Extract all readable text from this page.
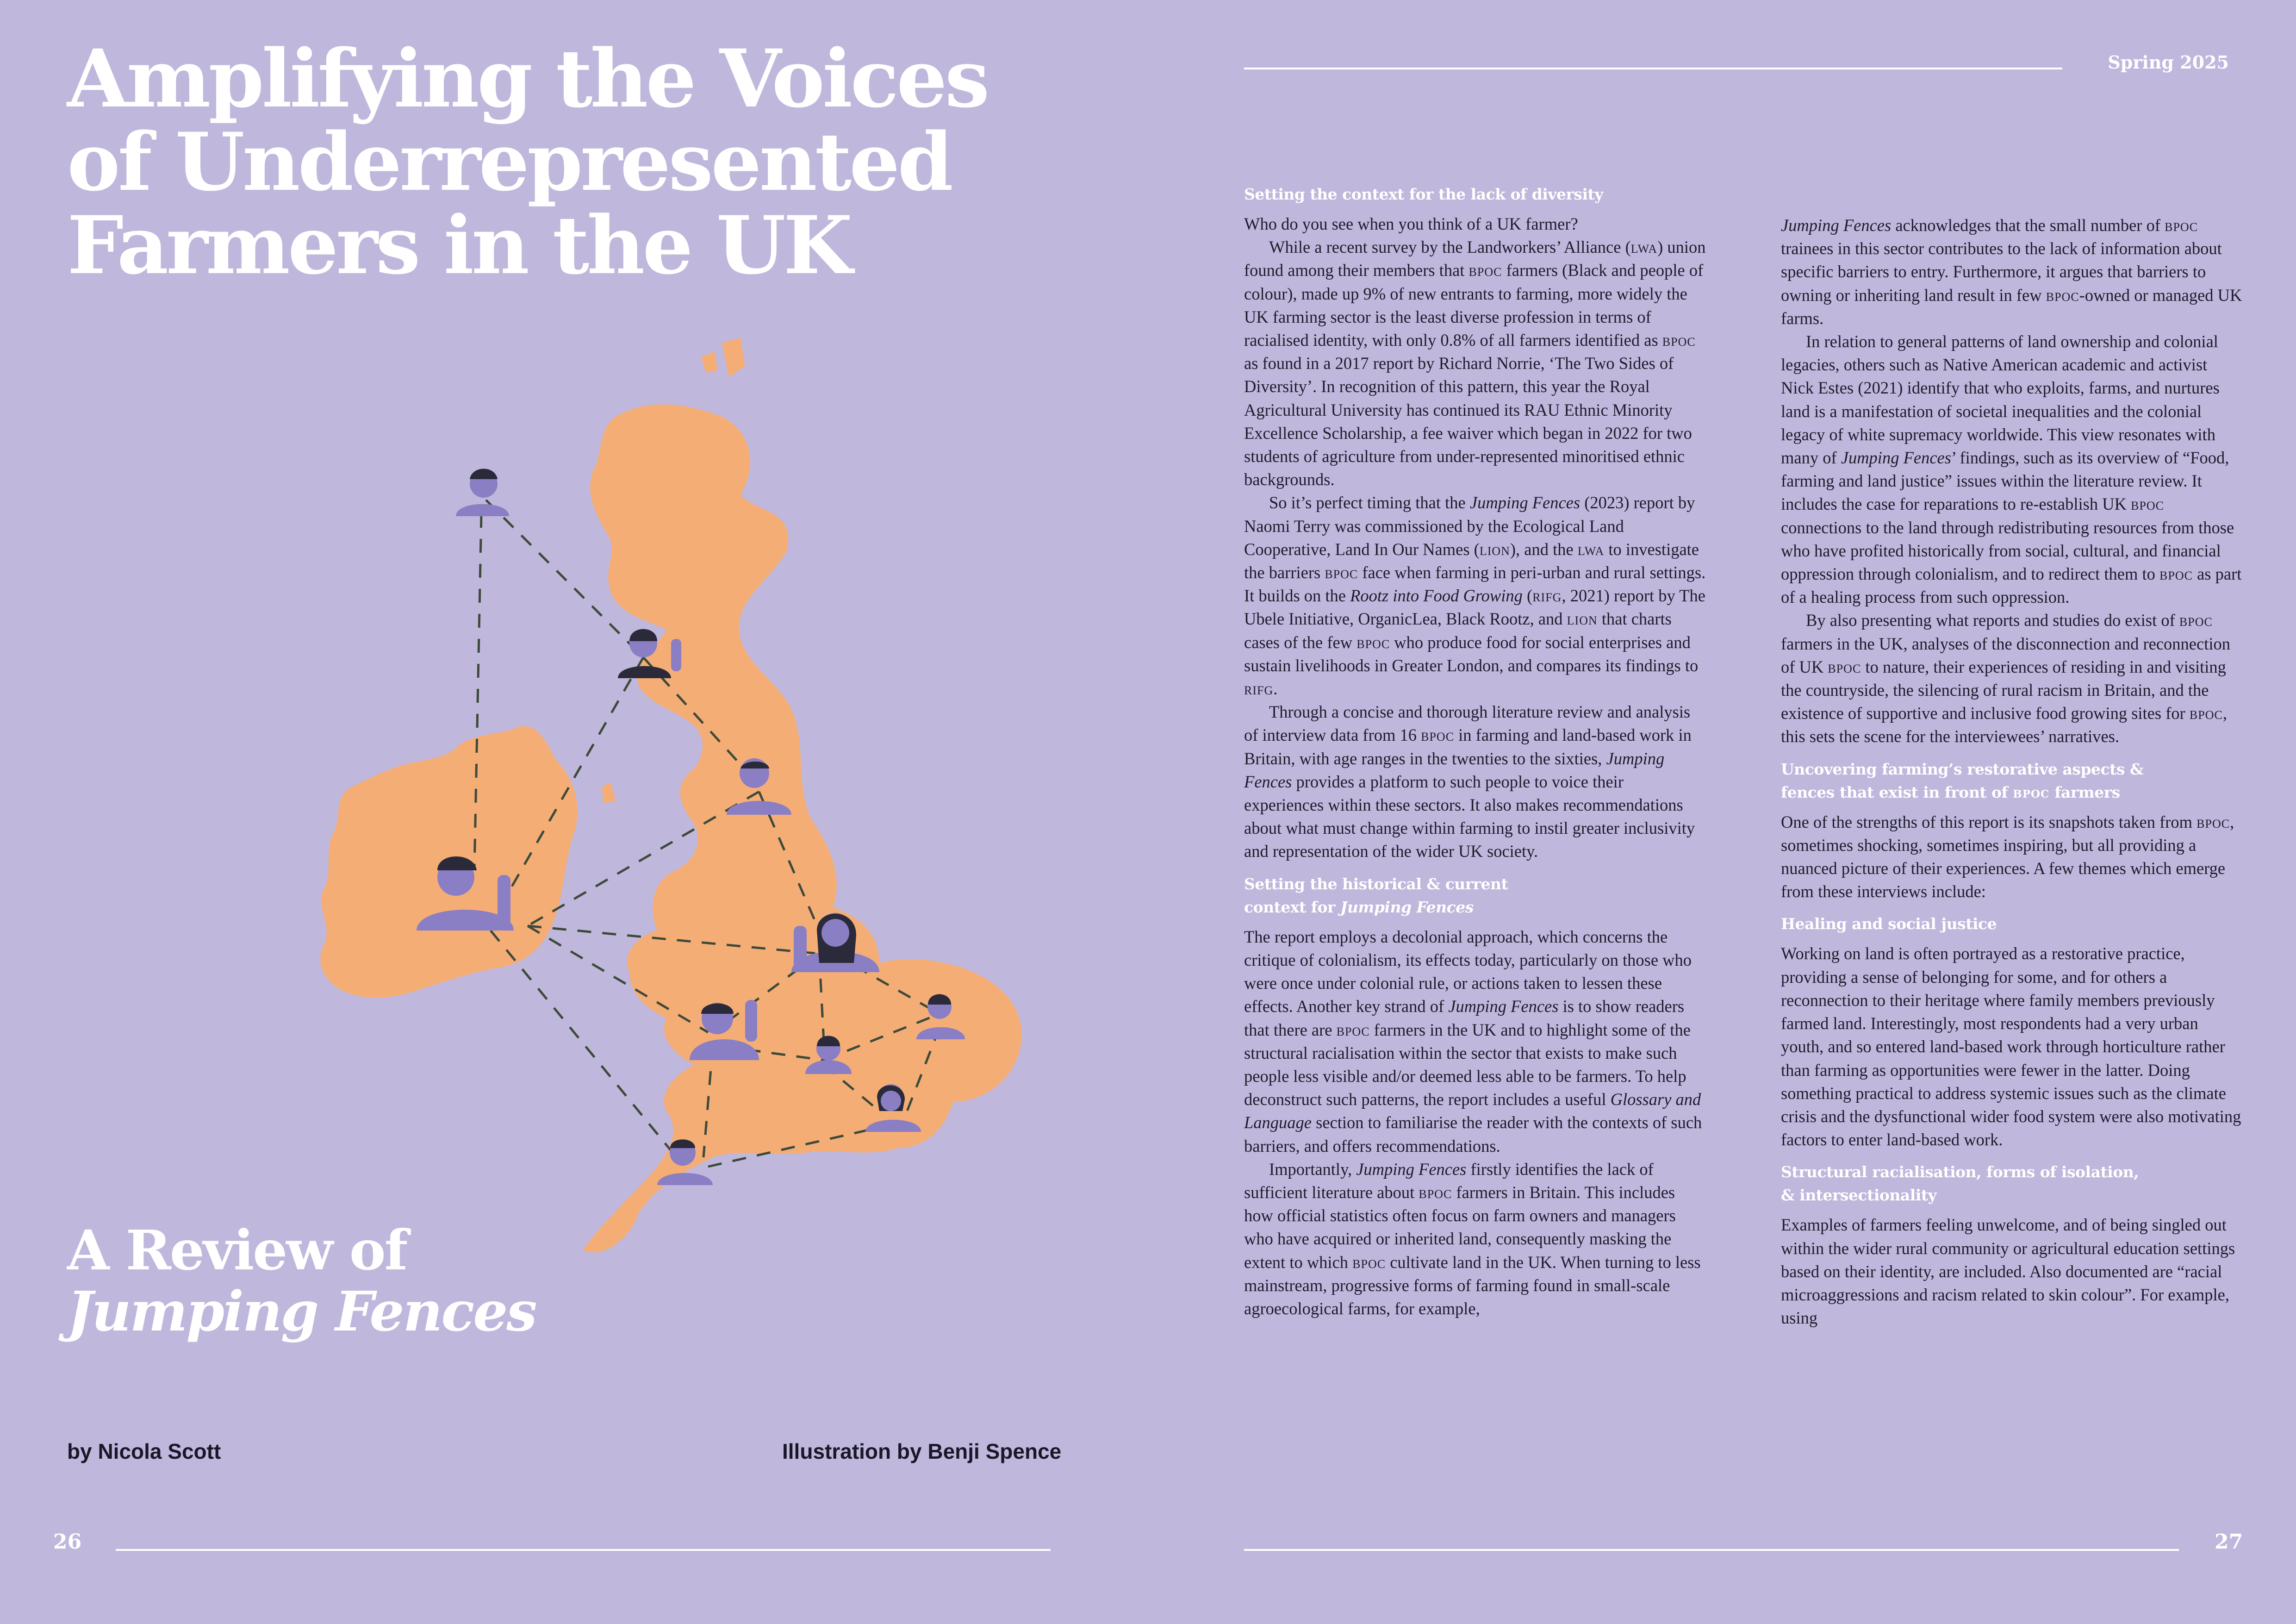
Amplifying the Voices
of Underrepresented
Farmers in the UK
A Review of
Jumping Fences
by Nicola Scott	Illustration by Benji Spence
26
Spring 2025
Setting the context for the lack of diversity

Who do you see when you think of a UK farmer?

While a recent survey by the Landworkers’ Alliance (lwa) union found among their members that bpoc farmers (Black and people of colour), made up 9% of new entrants to farming, more widely the UK farming sector is the least diverse profession in terms of racialised identity, with only 0.8% of all farmers identified as bpoc as found in a 2017 report by Richard Norrie, ‘The Two Sides of Diversity’. In recognition of this pattern, this year the Royal Agricultural University has continued its RAU Ethnic Minority Excellence Scholarship, a fee waiver which began in 2022 for two students of agriculture from under-represented minoritised ethnic backgrounds.

So it’s perfect timing that the Jumping Fences (2023) report by Naomi Terry was commissioned by the Ecological Land Cooperative, Land In Our Names (lion), and the lwa to investigate the barriers bpoc face when farming in peri-urban and rural settings. It builds on the Rootz into Food Growing (rifg, 2021) report by The Ubele Initiative, OrganicLea, Black Rootz, and lion that charts cases of the few bpoc who produce food for social enterprises and sustain livelihoods in Greater London, and compares its findings to rifg.

Through a concise and thorough literature review and analysis of interview data from 16 bpoc in farming and land-based work in Britain, with age ranges in the twenties to the sixties, Jumping Fences provides a platform to such people to voice their experiences within these sectors. It also makes recommendations about what must change within farming to instil greater inclusivity and representation of the wider UK society.

Setting the historical & current
context for Jumping Fences

The report employs a decolonial approach, which concerns the critique of colonialism, its effects today, particularly on those who were once under colonial rule, or actions taken to lessen these effects. Another key strand of Jumping Fences is to show readers that there are bpoc farmers in the UK and to highlight some of the structural racialisation within the sector that exists to make such people less visible and/or deemed less able to be farmers. To help deconstruct such patterns, the report includes a useful Glossary and Language section to familiarise the reader with the contexts of such barriers, and offers recommendations.

Importantly, Jumping Fences firstly identifies the lack of sufficient literature about bpoc farmers in Britain. This includes how official statistics often focus on farm owners and managers who have acquired or inherited land, consequently masking the extent to which bpoc cultivate land in the UK. When turning to less mainstream, progressive forms of farming found in small-scale agroecological farms, for example,

Jumping Fences acknowledges that the small number of bpoc trainees in this sector contributes to the lack of information about specific barriers to entry. Furthermore, it argues that barriers to owning or inheriting land result in few bpoc-owned or managed UK farms.

In relation to general patterns of land ownership and colonial legacies, others such as Native American academic and activist Nick Estes (2021) identify that who exploits, farms, and nurtures land is a manifestation of societal inequalities and the colonial legacy of white supremacy worldwide. This view resonates with many of Jumping Fences’ findings, such as its overview of “Food, farming and land justice” issues within the literature review. It includes the case for reparations to re-establish UK bpoc connections to the land through redistributing resources from those who have profited historically from social, cultural, and financial oppression through colonialism, and to redirect them to bpoc as part of a healing process from such oppression.

By also presenting what reports and studies do exist of bpoc farmers in the UK, analyses of the disconnection and reconnection of UK bpoc to nature, their experiences of residing in and visiting the countryside, the silencing of rural racism in Britain, and the existence of supportive and inclusive food growing sites for bpoc, this sets the scene for the interviewees’ narratives.

Uncovering farming’s restorative aspects &
fences that exist in front of bpoc farmers

One of the strengths of this report is its snapshots taken from bpoc, sometimes shocking, sometimes inspiring, but all providing a nuanced picture of their experiences. A few themes which emerge from these interviews include:

Healing and social justice

Working on land is often portrayed as a restorative practice, providing a sense of belonging for some, and for others a reconnection to their heritage where family members previously farmed land. Interestingly, most respondents had a very urban youth, and so entered land-based work through horticulture rather than farming as opportunities were fewer in the latter. Doing something practical to address systemic issues such as the climate crisis and the dysfunctional wider food system were also motivating factors to enter land-based work.

Structural racialisation, forms of isolation,
& intersectionality

Examples of farmers feeling unwelcome, and of being singled out within the wider rural community or agricultural education settings based on their identity, are included. Also documented are “racial microaggressions and racism related to skin colour”. For example, using

27
